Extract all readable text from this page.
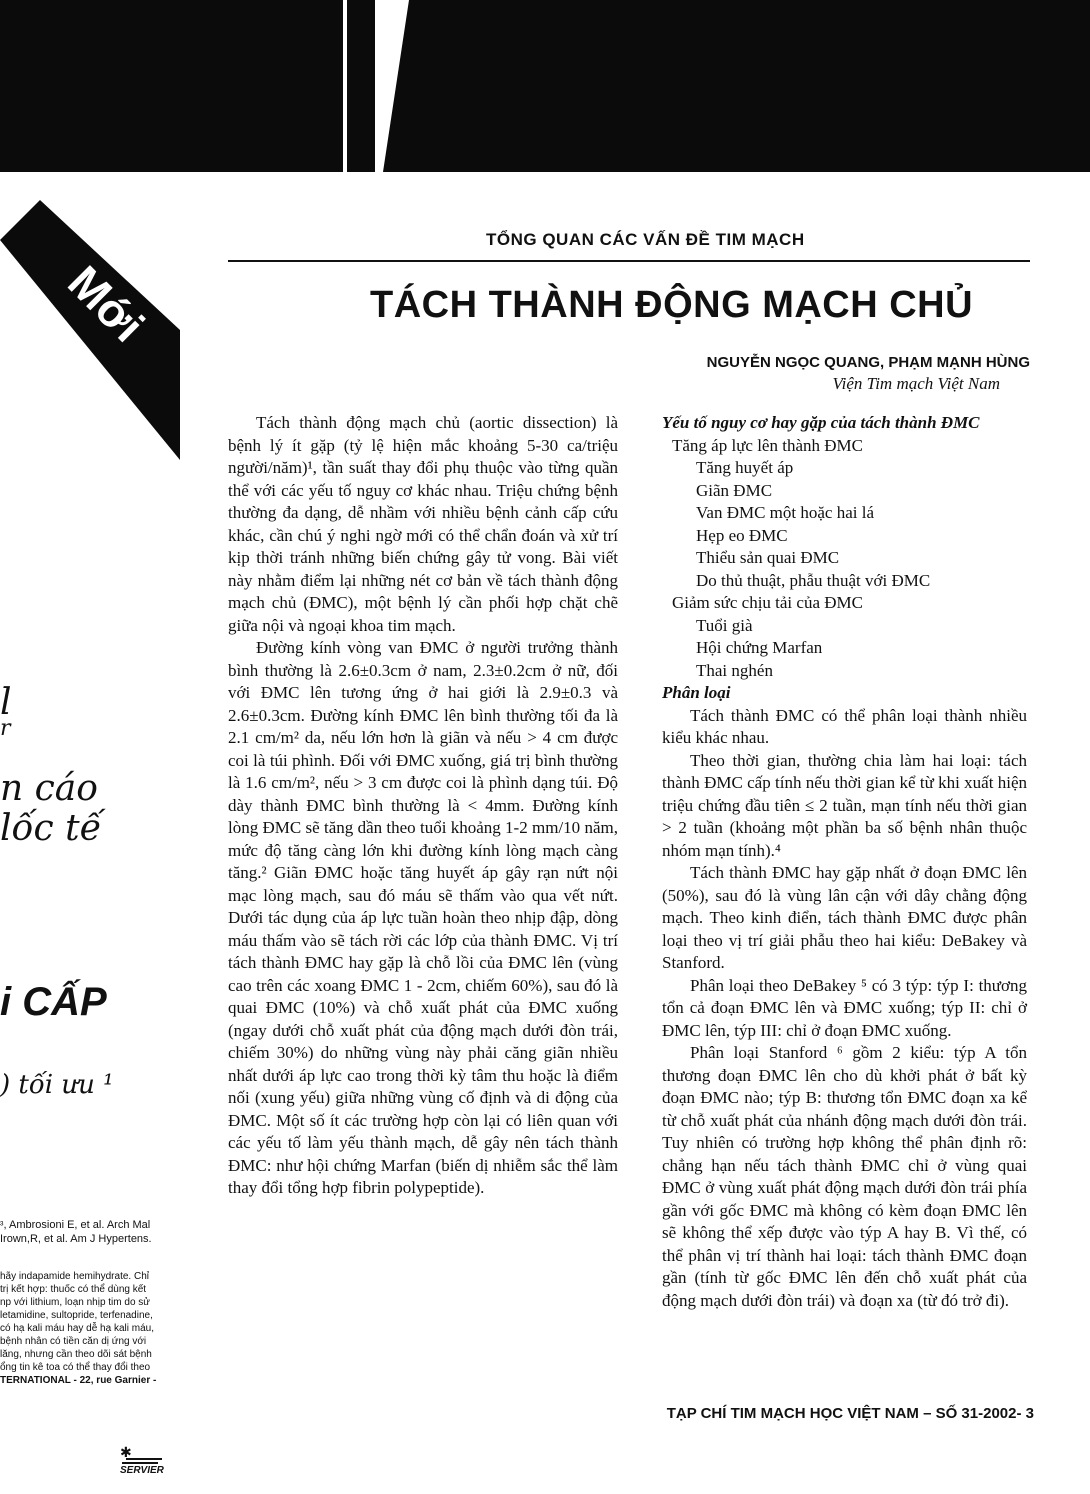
Mới
l
r
n cáo
lốc tế
i CẤP
) tối ưu ¹
ᶟ, Ambrosioni E, et al. Arch Mal
Irown,R, et al. Am J Hypertens.
hãy indapamide hemihydrate. Chỉ
trị kết hợp: thuốc có thể dùng kết
np với lithium, loạn nhịp tim do sử
letamidine, sultopride, terfenadine,
có hạ kali máu hay dễ hạ kali máu,
bệnh nhân có tiền căn dị ứng với
lăng, nhưng cần theo dõi sát bệnh
ổng tin kê toa có thể thay đổi theo
TERNATIONAL - 22, rue Garnier -
✱
SERVIER
TỔNG QUAN CÁC VẤN ĐỀ TIM MẠCH
TÁCH THÀNH ĐỘNG MẠCH CHỦ
NGUYỄN NGỌC QUANG, PHẠM MẠNH HÙNG
Viện Tim mạch Việt Nam

Tách thành động mạch chủ (aortic dissection) là bệnh lý ít gặp (tỷ lệ hiện mắc khoảng 5-30 ca/triệu người/năm)¹, tần suất thay đổi phụ thuộc vào từng quần thể với các yếu tố nguy cơ khác nhau. Triệu chứng bệnh thường đa dạng, dễ nhầm với nhiều bệnh cảnh cấp cứu khác, cần chú ý nghi ngờ mới có thể chẩn đoán và xử trí kịp thời tránh những biến chứng gây tử vong. Bài viết này nhằm điểm lại những nét cơ bản về tách thành động mạch chủ (ĐMC), một bệnh lý cần phối hợp chặt chẽ giữa nội và ngoại khoa tim mạch.

Đường kính vòng van ĐMC ở người trưởng thành bình thường là 2.6±0.3cm ở nam, 2.3±0.2cm ở nữ, đối với ĐMC lên tương ứng ở hai giới là 2.9±0.3 và 2.6±0.3cm. Đường kính ĐMC lên bình thường tối đa là 2.1 cm/m² da, nếu lớn hơn là giãn và nếu > 4 cm được coi là túi phình. Đối với ĐMC xuống, giá trị bình thường là 1.6 cm/m², nếu > 3 cm được coi là phình dạng túi. Độ dày thành ĐMC bình thường là < 4mm. Đường kính lòng ĐMC sẽ tăng dần theo tuổi khoảng 1-2 mm/10 năm, mức độ tăng càng lớn khi đường kính lòng mạch càng tăng.² Giãn ĐMC hoặc tăng huyết áp gây rạn nứt nội mạc lòng mạch, sau đó máu sẽ thấm vào qua vết nứt. Dưới tác dụng của áp lực tuần hoàn theo nhịp đập, dòng máu thấm vào sẽ tách rời các lớp của thành ĐMC. Vị trí tách thành ĐMC hay gặp là chỗ lồi của ĐMC lên (vùng cao trên các xoang ĐMC 1 - 2cm, chiếm 60%), sau đó là quai ĐMC (10%) và chỗ xuất phát của ĐMC xuống (ngay dưới chỗ xuất phát của động mạch dưới đòn trái, chiếm 30%) do những vùng này phải căng giãn nhiều nhất dưới áp lực cao trong thời kỳ tâm thu hoặc là điểm nối (xung yếu) giữa những vùng cố định và di động của ĐMC. Một số ít các trường hợp còn lại có liên quan với các yếu tố làm yếu thành mạch, dễ gây nên tách thành ĐMC: như hội chứng Marfan (biến dị nhiễm sắc thể làm thay đổi tổng hợp fibrin polypeptide).

Yếu tố nguy cơ hay gặp của tách thành ĐMC
Tăng áp lực lên thành ĐMC
Tăng huyết áp
Giãn ĐMC
Van ĐMC một hoặc hai lá
Hẹp eo ĐMC
Thiểu sản quai ĐMC
Do thủ thuật, phẫu thuật với ĐMC
Giảm sức chịu tải của ĐMC
Tuổi già
Hội chứng Marfan
Thai nghén
Phân loại

Tách thành ĐMC có thể phân loại thành nhiều kiểu khác nhau.

Theo thời gian, thường chia làm hai loại: tách thành ĐMC cấp tính nếu thời gian kể từ khi xuất hiện triệu chứng đầu tiên ≤ 2 tuần, mạn tính nếu thời gian > 2 tuần (khoảng một phần ba số bệnh nhân thuộc nhóm mạn tính).⁴

Tách thành ĐMC hay gặp nhất ở đoạn ĐMC lên (50%), sau đó là vùng lân cận với dây chằng động mạch. Theo kinh điển, tách thành ĐMC được phân loại theo vị trí giải phẫu theo hai kiểu: DeBakey và Stanford.

Phân loại theo DeBakey ⁵ có 3 týp: týp I: thương tổn cả đoạn ĐMC lên và ĐMC xuống; týp II: chỉ ở ĐMC lên, týp III: chỉ ở đoạn ĐMC xuống.

Phân loại Stanford ⁶ gồm 2 kiểu: týp A tổn thương đoạn ĐMC lên cho dù khởi phát ở bất kỳ đoạn ĐMC nào; týp B: thương tổn ĐMC đoạn xa kể từ chỗ xuất phát của nhánh động mạch dưới đòn trái. Tuy nhiên có trường hợp không thể phân định rõ: chẳng hạn nếu tách thành ĐMC chỉ ở vùng quai ĐMC ở vùng xuất phát động mạch dưới đòn trái phía gần với gốc ĐMC mà không có kèm đoạn ĐMC lên sẽ không thể xếp được vào týp A hay B. Vì thế, có thể phân vị trí thành hai loại: tách thành ĐMC đoạn gần (tính từ gốc ĐMC lên đến chỗ xuất phát của động mạch dưới đòn trái) và đoạn xa (từ đó trở đi).

TẠP CHÍ TIM MẠCH HỌC VIỆT NAM – SỐ 31-2002- 3
